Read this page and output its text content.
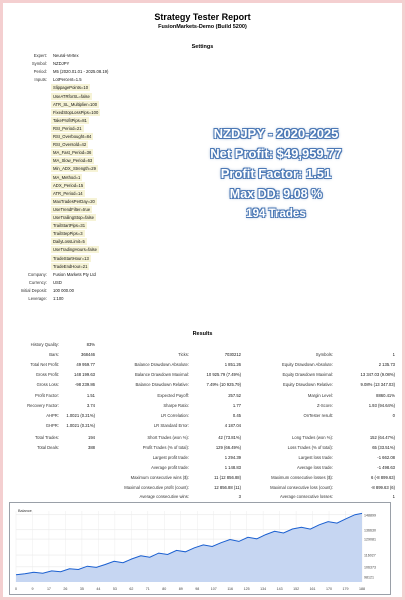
Strategy Tester Report
FusionMarkets-Demo (Build 5200)
Settings
Expert:	Neural-Vertex
Symbol:	NZDJPY
Period:	M5 (2020.01.01 - 2025.08.19)
Inputs:	LotPercent=1.5
SlippagePoints=10
UseATRforSL=false
ATR_SL_Multiplier=100
FixedStopLossPips=100
TakeProfitPips=81
RSI_Period=21
RSI_Overbought=84
RSI_Oversold=42
MA_Fast_Period=36
MA_Slow_Period=63
Min_ADX_Strength=29
MA_Method=1
ADX_Period=15
ATR_Period=14
MaxTradesPerDay=20
UseTrendFilter=true
UseTrailingStop=false
TrailStartPips=31
TrailStepPips=3
DailyLossLimit=5
UseTradingHours=false
TradeStartHour=13
TradeEndHour=21
Company:	Fusion Markets Pty Ltd
Currency:	USD
Initial Deposit:	100 000.00
Leverage:	1:100
NZDJPY - 2020-2025
Net Profit: $49,959.77
Profit Factor: 1.51
Max DD: 9.08 %
194 Trades
Results
History Quality:	83%
Bars:	368446	Ticks:	7030212	Symbols:	1
Total Net Profit:	49 959.77	Balance Drawdown Absolute:	1 851.26	Equity Drawdown Absolute:	2 135.73
Gross Profit:	148 199.63	Balance Drawdown Maximal:	10 925.79 (7.49%)	Equity Drawdown Maximal:	13 347.03 (9.08%)
Gross Loss:	-98 239.86	Balance Drawdown Relative:	7.49% (10 925.79)	Equity Drawdown Relative:	9.08% (13 347.03)
Profit Factor:	1.51	Expected Payoff:	257.52	Margin Level:	8860.41%
Recovery Factor:	3.74	Sharpe Ratio:	1.77	Z-Score:	1.93 (94.64%)
AHPR: 1.0021 (0.21%)	LR Correlation:	0.45	OnTester result:	0
GHPR: 1.0021 (0.21%)	LR Standard Error:	4 187.04
Total Trades:	194	Short Trades (won %):	42 (73.81%)	Long Trades (won %):	152 (64.47%)
Total Deals:	388	Profit Trades (% of total):	129 (66.49%)	Loss Trades (% of total):	65 (33.51%)
Largest profit trade:	1 294.39	Largest loss trade:	-1 662.08
Average profit trade:	1 148.83	Average loss trade:	-1 498.63
Maximum consecutive wins ($):	11 (12 856.88)	Maximum consecutive losses ($):	6 (-8 899.63)
Maximal consecutive profit (count):	12 856.88 (11)	Maximal consecutive loss (count):	-8 899.63 (6)
Average consecutive wins:	3	Average consecutive losses:	1
148899
136630
129081
116027
106373
98121
0	9	17	26	35	44	53	62	71	80	89	98	107	116	125	134	143	152	161	170	179	188
Balance
